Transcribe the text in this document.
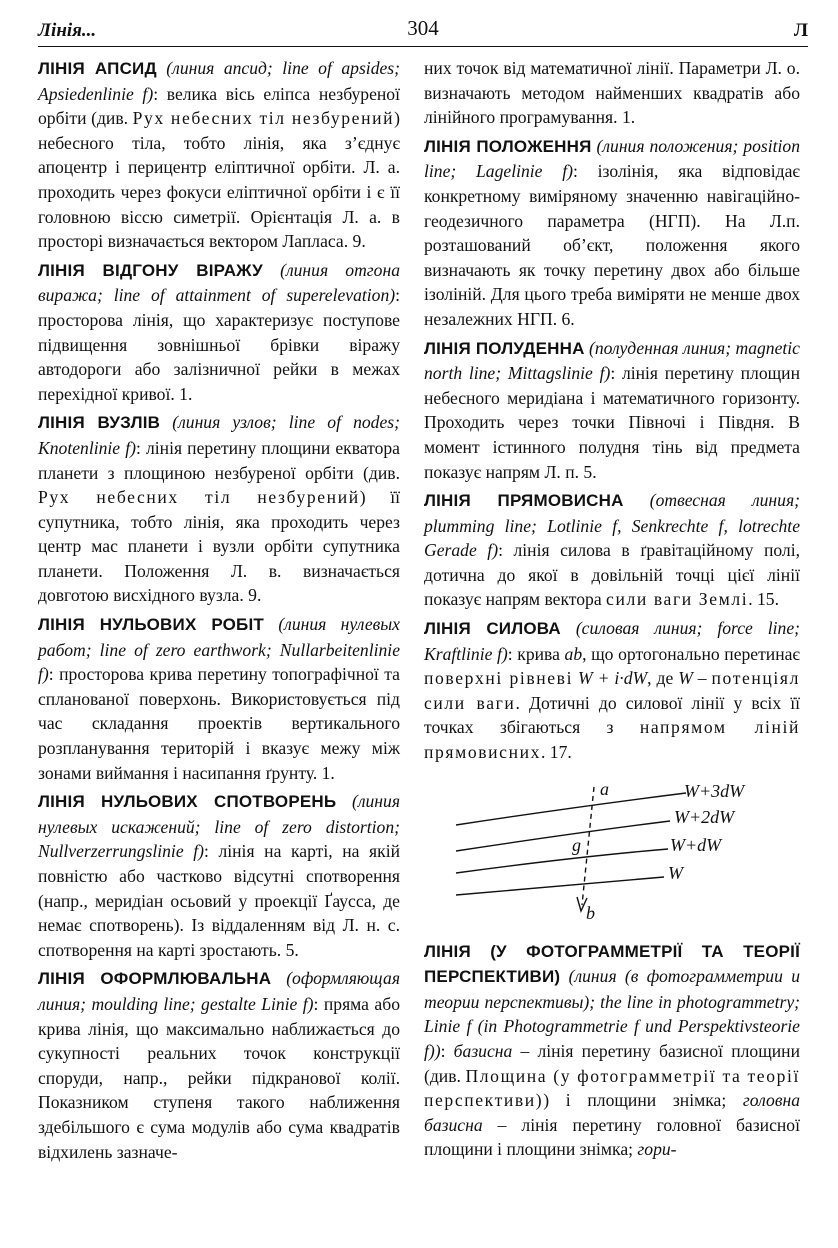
Лінія...	304	Л

ЛІНІЯ АПСИД (линия апсид; line of apsides; Apsiedenlinie f): велика вісь еліпса незбуреної орбіти (див. Рух небесних тіл незбурений) небесного тіла, тобто лінія, яка з’єднує апоцентр і перицентр еліптичної орбіти. Л. а. проходить через фокуси еліптичної орбіти і є її головною віссю симетрії. Орієнтація Л. а. в просторі визначається вектором Лапласа. 9.

ЛІНІЯ ВІДГОНУ ВІРАЖУ (линия отгона виража; line of attainment of superelevation): просторова лінія, що характеризує поступове підвищення зовнішньої брівки віражу автодороги або залізничної рейки в межах перехідної кривої. 1.

ЛІНІЯ ВУЗЛІВ (линия узлов; line of nodes; Knotenlinie f): лінія перетину площини екватора планети з площиною незбуреної орбіти (див. Рух небесних тіл незбурений) її супутника, тобто лінія, яка проходить через центр мас планети і вузли орбіти супутника планети. Положення Л. в. визначається довготою висхідного вузла. 9.

ЛІНІЯ НУЛЬОВИХ РОБІТ (линия нулевых работ; line of zero earthwork; Nullarbeitenlinie f): просторова крива перетину топографічної та спланованої поверхонь. Використовується під час складання проектів вертикального розпланування територій і вказує межу між зонами виймання і насипання ґрунту. 1.

ЛІНІЯ НУЛЬОВИХ СПОТВОРЕНЬ (линия нулевых искажений; line of zero distortion; Nullverzerrungslinie f): лінія на карті, на якій повністю або частково відсутні спотворення (напр., меридіан осьовий у проекції Ґаусса, де немає спотворень). Із віддаленням від Л. н. с. спотворення на карті зростають. 5.

ЛІНІЯ ОФОРМЛЮВАЛЬНА (оформляющая линия; moulding line; gestalte Linie f): пряма або крива лінія, що максимально наближається до сукупності реальних точок конструкції споруди, напр., рейки підкранової колії. Показником ступеня такого наближення здебільшого є сума модулів або сума квадратів відхилень зазначе-

них точок від математичної лінії. Параметри Л. о. визначають методом найменших квадратів або лінійного програмування. 1.

ЛІНІЯ ПОЛОЖЕННЯ (линия положения; position line; Lagelinie f): ізолінія, яка відповідає конкретному виміряному значенню навігаційно-геодезичного параметра (НГП). На Л.п. розташований об’єкт, положення якого визначають як точку перетину двох або більше ізоліній. Для цього треба виміряти не менше двох незалежних НГП. 6.

ЛІНІЯ ПОЛУДЕННА (полуденная линия; magnetic north line; Mittagslinie f): лінія перетину площин небесного меридіана і математичного горизонту. Проходить через точки Півночі і Півдня. В момент істинного полудня тінь від предмета показує напрям Л. п. 5.

ЛІНІЯ ПРЯМОВИСНА (отвесная линия; plumming line; Lotlinie f, Senkrechte f, lotrechte Gerade f): лінія силова в ґравітаційному полі, дотична до якої в довільній точці цієї лінії показує напрям вектора сили ваги Землі. 15.

ЛІНІЯ СИЛОВА (силовая линия; force line; Kraftlinie f): крива ab, що ортогонально перетинає поверхні рівневі W + i·dW, де W – потенціял сили ваги. Дотичні до силової лінії у всіх її точках збігаються з напрямом ліній прямовисних. 17.

a
b
g
W+3dW
W+2dW
W+dW
W

ЛІНІЯ (У ФОТОГРАММЕТРІЇ ТА ТЕОРІЇ ПЕРСПЕКТИВИ) (линия (в фотограмметрии и теории перспективы); the line in photogrammetry; Linie f (in Photogrammetrie f und Perspektivsteorie f)): базисна – лінія перетину базисної площини (див. Площина (у фотограмметрії та теорії перспективи)) і площини знімка; головна базисна – лінія перетину головної базисної площини і площини знімка; гори-
